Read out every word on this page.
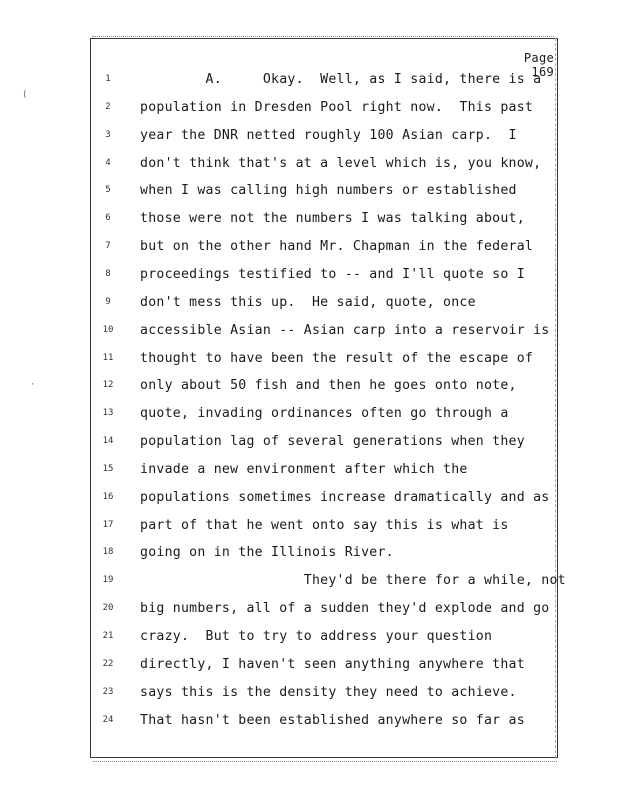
Page 169
1	A.     Okay.  Well, as I said, there is a
2	population in Dresden Pool right now.  This past
3	year the DNR netted roughly 100 Asian carp.  I
4	don't think that's at a level which is, you know,
5	when I was calling high numbers or established
6	those were not the numbers I was talking about,
7	but on the other hand Mr. Chapman in the federal
8	proceedings testified to -- and I'll quote so I
9	don't mess this up.  He said, quote, once
10	accessible Asian -- Asian carp into a reservoir is
11	thought to have been the result of the escape of
12	only about 50 fish and then he goes onto note,
13	quote, invading ordinances often go through a
14	population lag of several generations when they
15	invade a new environment after which the
16	populations sometimes increase dramatically and as
17	part of that he went onto say this is what is
18	going on in the Illinois River.
19	They'd be there for a while, not
20	big numbers, all of a sudden they'd explode and go
21	crazy.  But to try to address your question
22	directly, I haven't seen anything anywhere that
23	says this is the density they need to achieve.
24	That hasn't been established anywhere so far as
(
·
